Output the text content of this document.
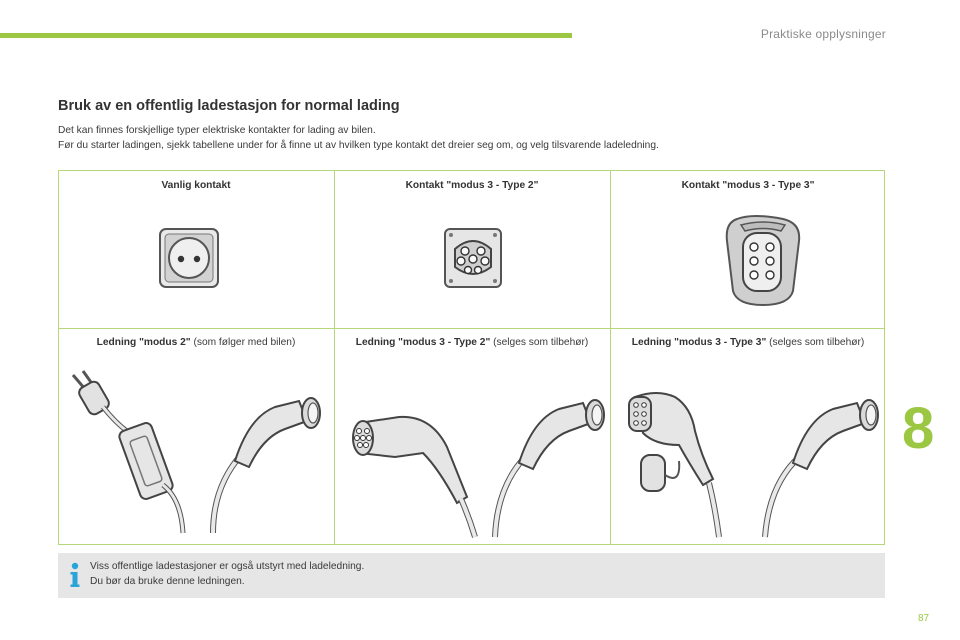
Praktiske opplysninger
Bruk av en offentlig ladestasjon for normal lading
Det kan finnes forskjellige typer elektriske kontakter for lading av bilen.
Før du starter ladingen, sjekk tabellene under for å finne ut av hvilken type kontakt det dreier seg om, og velg tilsvarende ladeledning.
Vanlig kontakt	Kontakt "modus 3 - Type 2"	Kontakt "modus 3 - Type 3"
Ledning "modus 2" (som følger med bilen)	Ledning "modus 3 - Type 2" (selges som tilbehør)	Ledning "modus 3 - Type 3" (selges som tilbehør)
Viss offentlige ladestasjoner er også utstyrt med ladeledning.
Du bør da bruke denne ledningen.
8
87
